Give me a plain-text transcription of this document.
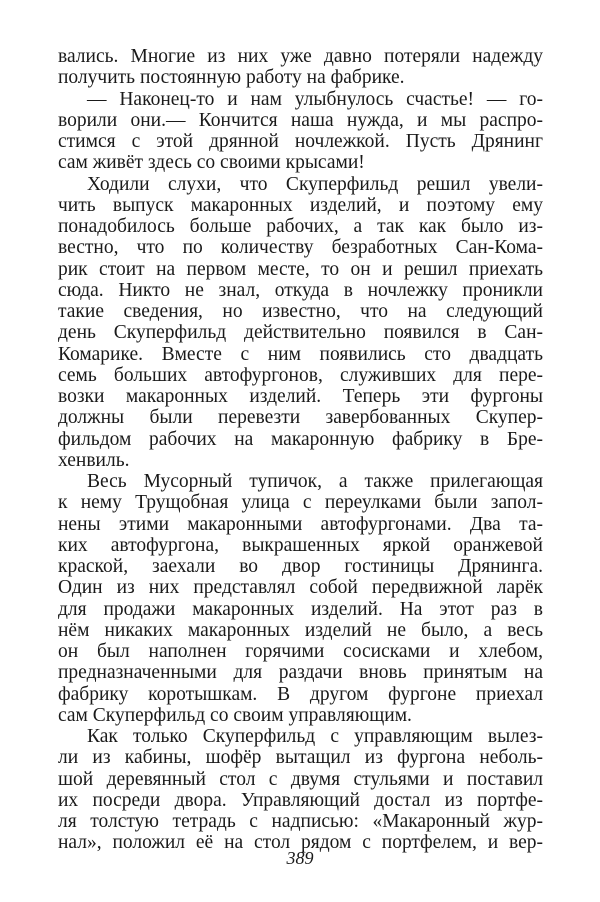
вались. Многие из них уже давно потеряли надежду
получить постоянную работу на фабрике.
— Наконец-то и нам улыбнулось счастье! — го-
ворили они.— Кончится наша нужда, и мы распро-
стимся с этой дрянной ночлежкой. Пусть Дрянинг
сам живёт здесь со своими крысами!
Ходили слухи, что Скуперфильд решил увели-
чить выпуск макаронных изделий, и поэтому ему
понадобилось больше рабочих, а так как было из-
вестно, что по количеству безработных Сан-Кома-
рик стоит на первом месте, то он и решил приехать
сюда. Никто не знал, откуда в ночлежку проникли
такие сведения, но известно, что на следующий
день Скуперфильд действительно появился в Сан-
Комарике. Вместе с ним появились сто двадцать
семь больших автофургонов, служивших для пере-
возки макаронных изделий. Теперь эти фургоны
должны были перевезти завербованных Скупер-
фильдом рабочих на макаронную фабрику в Бре-
хенвиль.
Весь Мусорный тупичок, а также прилегающая
к нему Трущобная улица с переулками были запол-
нены этими макаронными автофургонами. Два та-
ких автофургона, выкрашенных яркой оранжевой
краской, заехали во двор гостиницы Дрянинга.
Один из них представлял собой передвижной ларёк
для продажи макаронных изделий. На этот раз в
нём никаких макаронных изделий не было, а весь
он был наполнен горячими сосисками и хлебом,
предназначенными для раздачи вновь принятым на
фабрику коротышкам. В другом фургоне приехал
сам Скуперфильд со своим управляющим.
Как только Скуперфильд с управляющим вылез-
ли из кабины, шофёр вытащил из фургона неболь-
шой деревянный стол с двумя стульями и поставил
их посреди двора. Управляющий достал из портфе-
ля толстую тетрадь с надписью: «Макаронный жур-
нал», положил её на стол рядом с портфелем, и вер-
389
